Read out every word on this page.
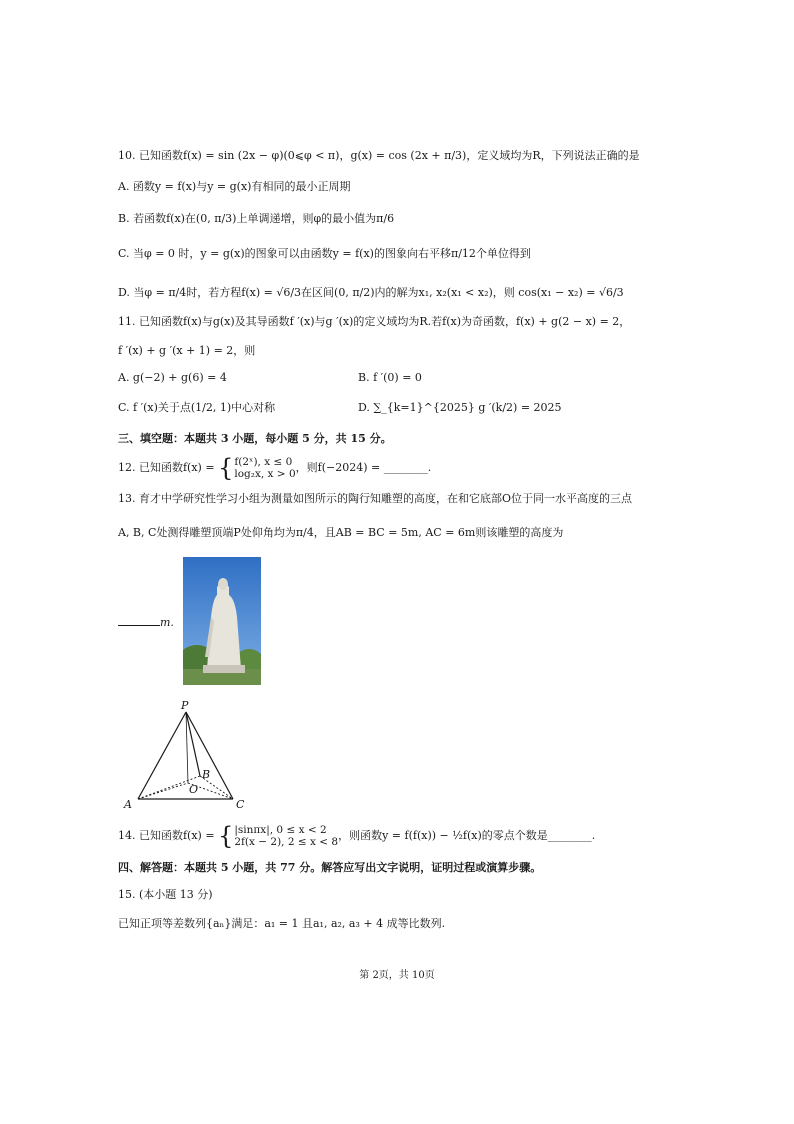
10. 已知函数f(x) = sin (2x − φ)(0⩽φ < π)，g(x) = cos (2x + π/3)，定义域均为R，下列说法正确的是
A. 函数y = f(x)与y = g(x)有相同的最小正周期
B. 若函数f(x)在(0, π/3)上单调递增，则φ的最小值为π/6
C. 当φ = 0 时，y = g(x)的图象可以由函数y = f(x)的图象向右平移π/12个单位得到
D. 当φ = π/4时，若方程f(x) = √6/3在区间(0, π/2)内的解为x₁, x₂(x₁ < x₂)，则 cos(x₁ − x₂) = √6/3
11. 已知函数f(x)与g(x)及其导函数f ′(x)与g ′(x)的定义域均为R.若f(x)为奇函数，f(x) + g(2 − x) = 2，
f ′(x) + g ′(x + 1) = 2，则
A. g(−2) + g(6) = 4	B. f ′(0) = 0
C. f ′(x)关于点(1/2, 1)中心对称	D. ∑_{k=1}^{2025} g ′(k/2) = 2025
三、填空题：本题共 3 小题，每小题 5 分，共 15 分。
12. 已知函数f(x) = { f(2ˣ), x ≤ 0
log₂x, x > 0 ，则f(−2024) = ________.
13. 育才中学研究性学习小组为测量如图所示的陶行知雕塑的高度，在和它底部O位于同一水平高度的三点
A, B, C处测得雕塑顶端P处仰角均为π/4，且AB = BC = 5m, AC = 6m则该雕塑的高度为
m.
P
A
B
C
O
14. 已知函数f(x) = { |sinπx|, 0 ≤ x < 2
2f(x − 2), 2 ≤ x < 8 ，则函数y = f(f(x)) − ½f(x)的零点个数是________.
四、解答题：本题共 5 小题，共 77 分。解答应写出文字说明，证明过程或演算步骤。
15. (本小题 13 分)
已知正项等差数列{aₙ}满足：a₁ = 1 且a₁, a₂, a₃ + 4 成等比数列.
第 2页，共 10页
